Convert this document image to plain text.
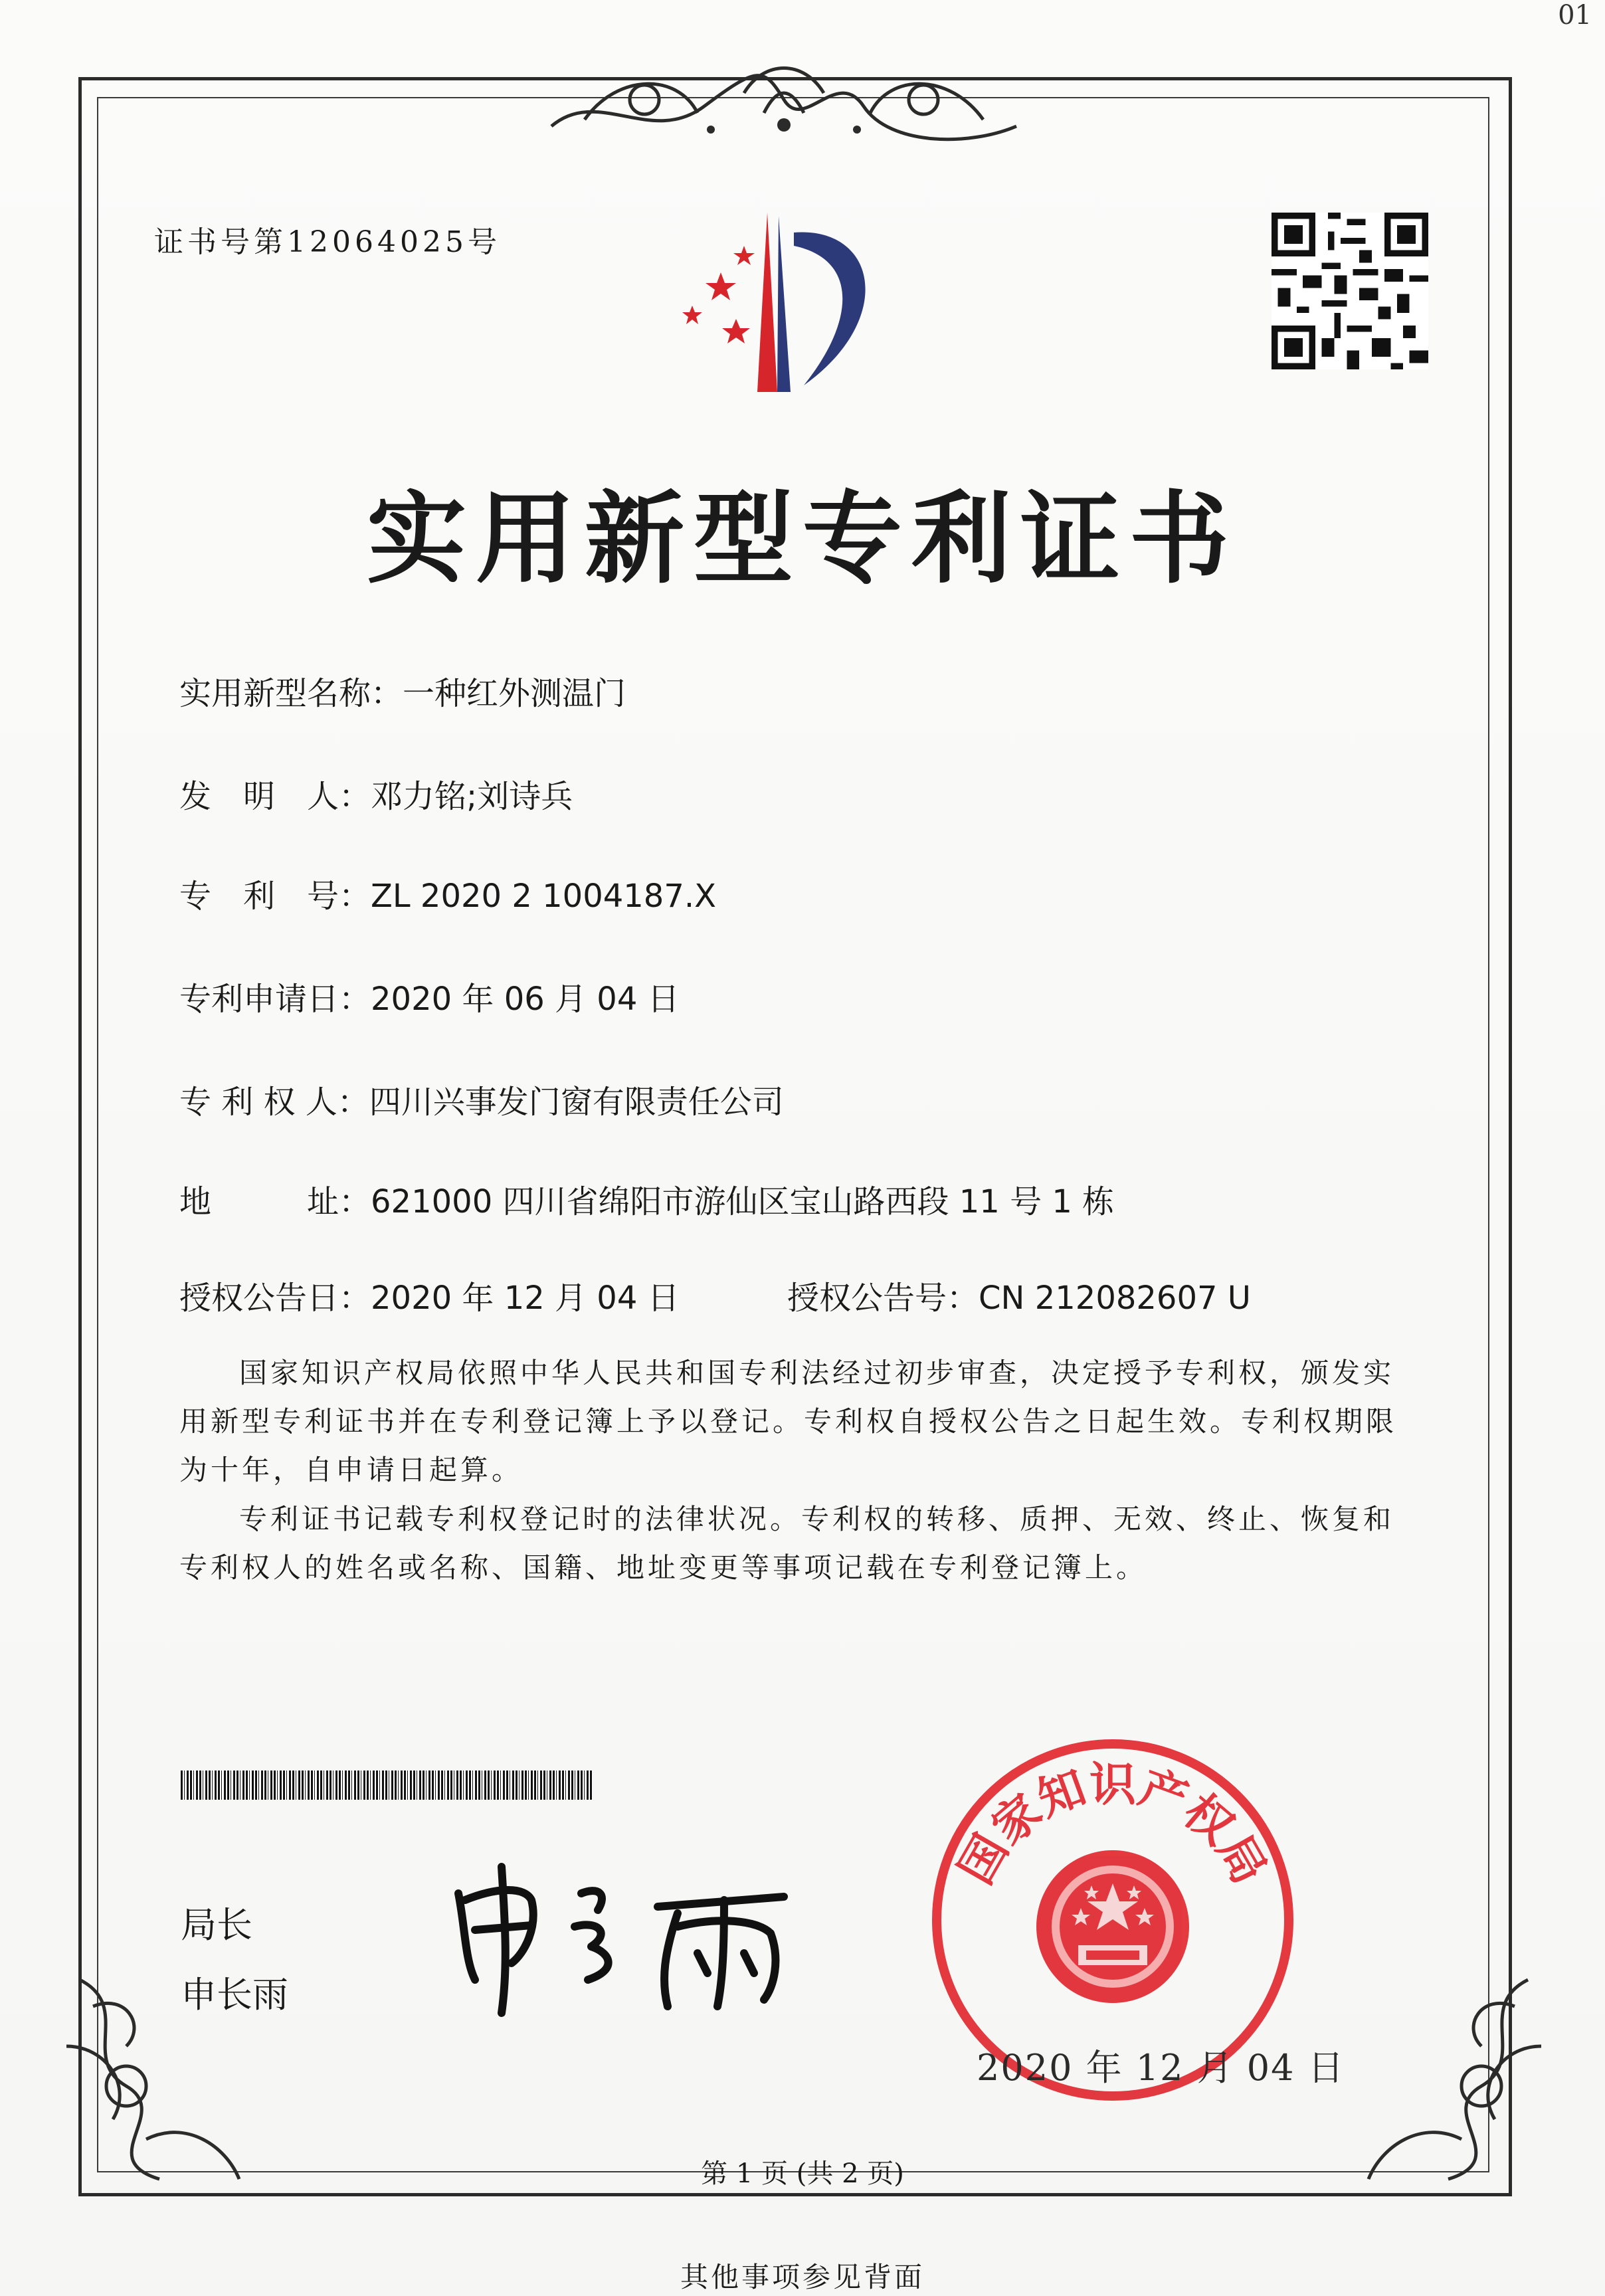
01
证书号第12064025号
实用新型专利证书
实用新型名称：一种红外测温门
发　明　人：邓力铭;刘诗兵
专　利　号：ZL 2020 2 1004187.X
专利申请日：2020 年 06 月 04 日
专 利 权 人：四川兴事发门窗有限责任公司
地　　　址：621000 四川省绵阳市游仙区宝山路西段 11 号 1 栋
授权公告日：2020 年 12 月 04 日	授权公告号：CN 212082607 U
国家知识产权局依照中华人民共和国专利法经过初步审查，决定授予专利权，颁发实用新型专利证书并在专利登记簿上予以登记。专利权自授权公告之日起生效。专利权期限为十年，自申请日起算。
专利证书记载专利权登记时的法律状况。专利权的转移、质押、无效、终止、恢复和专利权人的姓名或名称、国籍、地址变更等事项记载在专利登记簿上。
局长
申长雨
国家知识产权局
2020 年 12 月 04 日
第 1 页 (共 2 页)
其他事项参见背面
